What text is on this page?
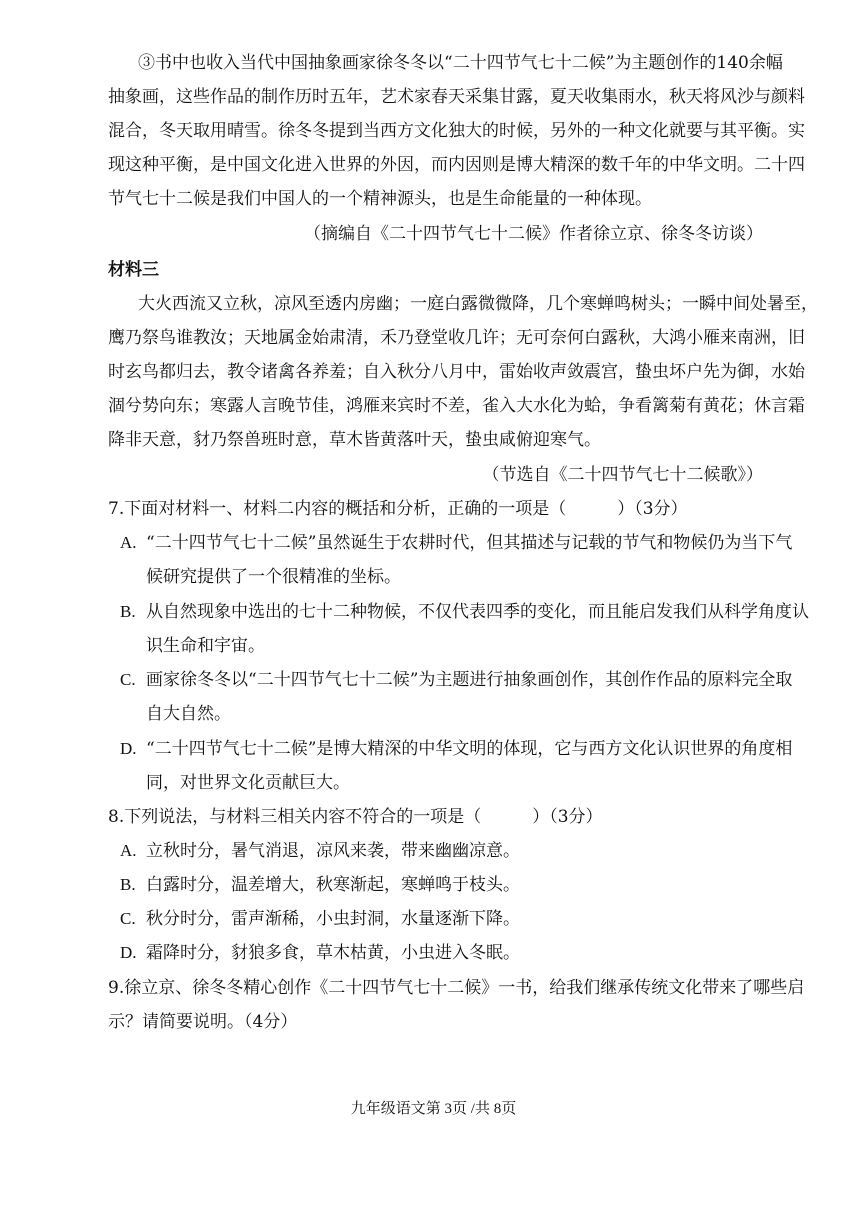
③书中也收入当代中国抽象画家徐冬冬以“二十四节气七十二候”为主题创作的140余幅
抽象画，这些作品的制作历时五年，艺术家春天采集甘露，夏天收集雨水，秋天将风沙与颜料
混合，冬天取用晴雪。徐冬冬提到当西方文化独大的时候，另外的一种文化就要与其平衡。实
现这种平衡，是中国文化进入世界的外因，而内因则是博大精深的数千年的中华文明。二十四
节气七十二候是我们中国人的一个精神源头，也是生命能量的一种体现。
（摘编自《二十四节气七十二候》作者徐立京、徐冬冬访谈）
材料三
大火西流又立秋，凉风至透内房幽；一庭白露微微降，几个寒蝉鸣树头；一瞬中间处暑至，
鹰乃祭鸟谁教汝；天地属金始肃清，禾乃登堂收几许；无可奈何白露秋，大鸿小雁来南洲，旧
时玄鸟都归去，教令诸禽各养羞；自入秋分八月中，雷始收声敛震宫，蛰虫坏户先为御，水始
涸兮势向东；寒露人言晚节佳，鸿雁来宾时不差，雀入大水化为蛤，争看篱菊有黄花；休言霜
降非天意，豺乃祭兽班时意，草木皆黄落叶天，蛰虫咸俯迎寒气。
（节选自《二十四节气七十二候歌》）
7.下面对材料一、材料二内容的概括和分析，正确的一项是（　　　）（3分）
A. “二十四节气七十二候”虽然诞生于农耕时代，但其描述与记载的节气和物候仍为当下气
候研究提供了一个很精准的坐标。
B. 从自然现象中选出的七十二种物候，不仅代表四季的变化，而且能启发我们从科学角度认
识生命和宇宙。
C. 画家徐冬冬以“二十四节气七十二候”为主题进行抽象画创作，其创作作品的原料完全取
自大自然。
D. “二十四节气七十二候”是博大精深的中华文明的体现，它与西方文化认识世界的角度相
同，对世界文化贡献巨大。
8.下列说法，与材料三相关内容不符合的一项是（　　　）（3分）
A. 立秋时分，暑气消退，凉风来袭，带来幽幽凉意。
B. 白露时分，温差增大，秋寒渐起，寒蝉鸣于枝头。
C. 秋分时分，雷声渐稀，小虫封洞，水量逐渐下降。
D. 霜降时分，豺狼多食，草木枯黄，小虫进入冬眠。
9.徐立京、徐冬冬精心创作《二十四节气七十二候》一书，给我们继承传统文化带来了哪些启
示？请简要说明。（4分）
九年级语文第 3页 /共 8页
